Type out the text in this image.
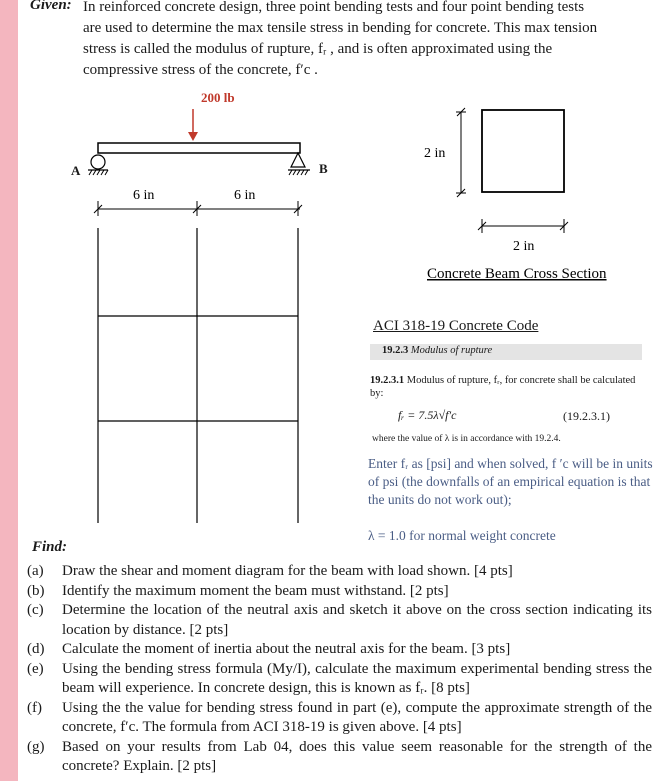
Given: In reinforced concrete design, three point bending tests and four point bending tests
are used to determine the max tensile stress in bending for concrete. This max tension
stress is called the modulus of rupture, fᵣ , and is often approximated using the
compressive stress of the concrete, f′c .
200 lb
A	B
6 in	6 in
2 in
2 in
Concrete Beam Cross Section
ACI 318-19 Concrete Code
19.2.3 Modulus of rupture
19.2.3.1 Modulus of rupture, fᵣ, for concrete shall be calculated by:
fᵣ = 7.5λ√f′c	(19.2.3.1)
where the value of λ is in accordance with 19.2.4.
Enter fᵣ as [psi] and when solved, f ′c will be in units of psi (the downfalls of an empirical equation is that the units do not work out);
λ = 1.0 for normal weight concrete
Find:
(a) Draw the shear and moment diagram for the beam with load shown. [4 pts]
(b) Identify the maximum moment the beam must withstand. [2 pts]
(c) Determine the location of the neutral axis and sketch it above on the cross section indicating its location by distance. [2 pts]
(d) Calculate the moment of inertia about the neutral axis for the beam. [3 pts]
(e) Using the bending stress formula (My/I), calculate the maximum experimental bending stress the beam will experience. In concrete design, this is known as fᵣ. [8 pts]
(f) Using the the value for bending stress found in part (e), compute the approximate strength of the concrete, f′c. The formula from ACI 318-19 is given above. [4 pts]
(g) Based on your results from Lab 04, does this value seem reasonable for the strength of the concrete? Explain. [2 pts]
